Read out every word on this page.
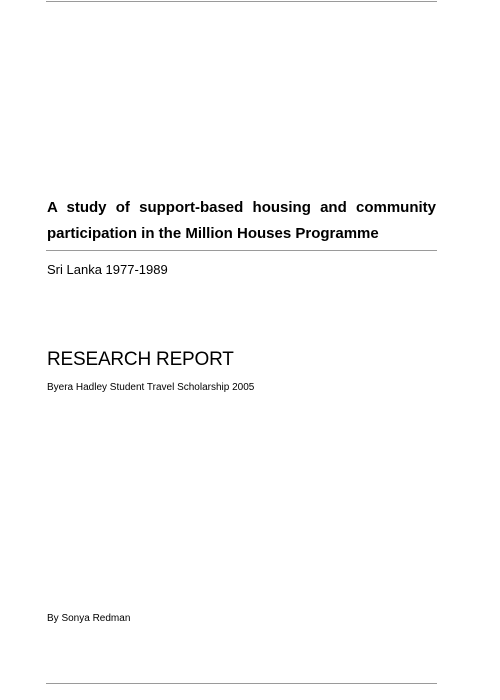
A study of support-based housing and community participation in the Million Houses Programme

Sri Lanka 1977-1989

RESEARCH REPORT

Byera Hadley Student Travel Scholarship 2005

By Sonya Redman
